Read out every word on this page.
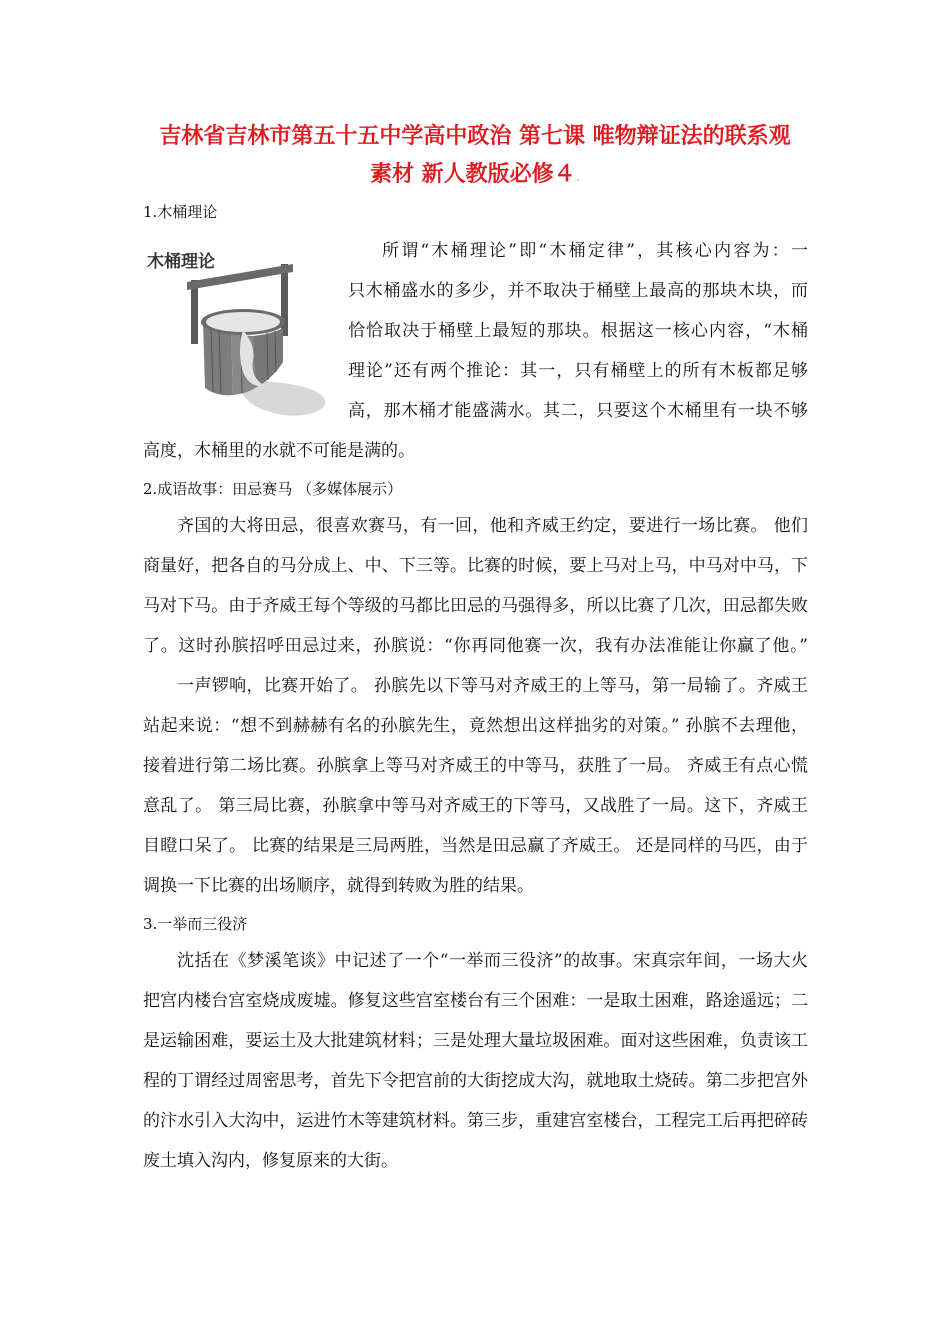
吉林省吉林市第五十五中学高中政治 第七课 唯物辩证法的联系观
素材 新人教版必修４.
1.木桶理论
木桶理论
所谓“木桶理论”即“木桶定律”，其核心内容为：一
只木桶盛水的多少，并不取决于桶壁上最高的那块木块，而
恰恰取决于桶壁上最短的那块。根据这一核心内容，“木桶
理论”还有两个推论：其一，只有桶壁上的所有木板都足够
高，那木桶才能盛满水。其二，只要这个木桶里有一块不够
高度，木桶里的水就不可能是满的。
2.成语故事：田忌赛马 （多媒体展示）
齐国的大将田忌，很喜欢赛马，有一回，他和齐威王约定，要进行一场比赛。 他们
商量好，把各自的马分成上、中、下三等。比赛的时候，要上马对上马，中马对中马，下
马对下马。由于齐威王每个等级的马都比田忌的马强得多，所以比赛了几次，田忌都失败
了。这时孙膑招呼田忌过来，孙膑说：“你再同他赛一次，我有办法准能让你赢了他。”
一声锣响，比赛开始了。 孙膑先以下等马对齐威王的上等马，第一局输了。齐威王
站起来说：“想不到赫赫有名的孙膑先生，竟然想出这样拙劣的对策。” 孙膑不去理他，
接着进行第二场比赛。孙膑拿上等马对齐威王的中等马，获胜了一局。 齐威王有点心慌
意乱了。 第三局比赛，孙膑拿中等马对齐威王的下等马，又战胜了一局。这下，齐威王
目瞪口呆了。 比赛的结果是三局两胜，当然是田忌赢了齐威王。 还是同样的马匹，由于
调换一下比赛的出场顺序，就得到转败为胜的结果。
3.一举而三役济
沈括在《梦溪笔谈》中记述了一个“一举而三役济”的故事。宋真宗年间，一场大火
把宫内楼台宫室烧成废墟。修复这些宫室楼台有三个困难：一是取土困难，路途遥远；二
是运输困难，要运土及大批建筑材料；三是处理大量垃圾困难。面对这些困难，负责该工
程的丁谓经过周密思考，首先下令把宫前的大街挖成大沟，就地取土烧砖。第二步把宫外
的汴水引入大沟中，运进竹木等建筑材料。第三步，重建宫室楼台，工程完工后再把碎砖
废土填入沟内，修复原来的大街。
